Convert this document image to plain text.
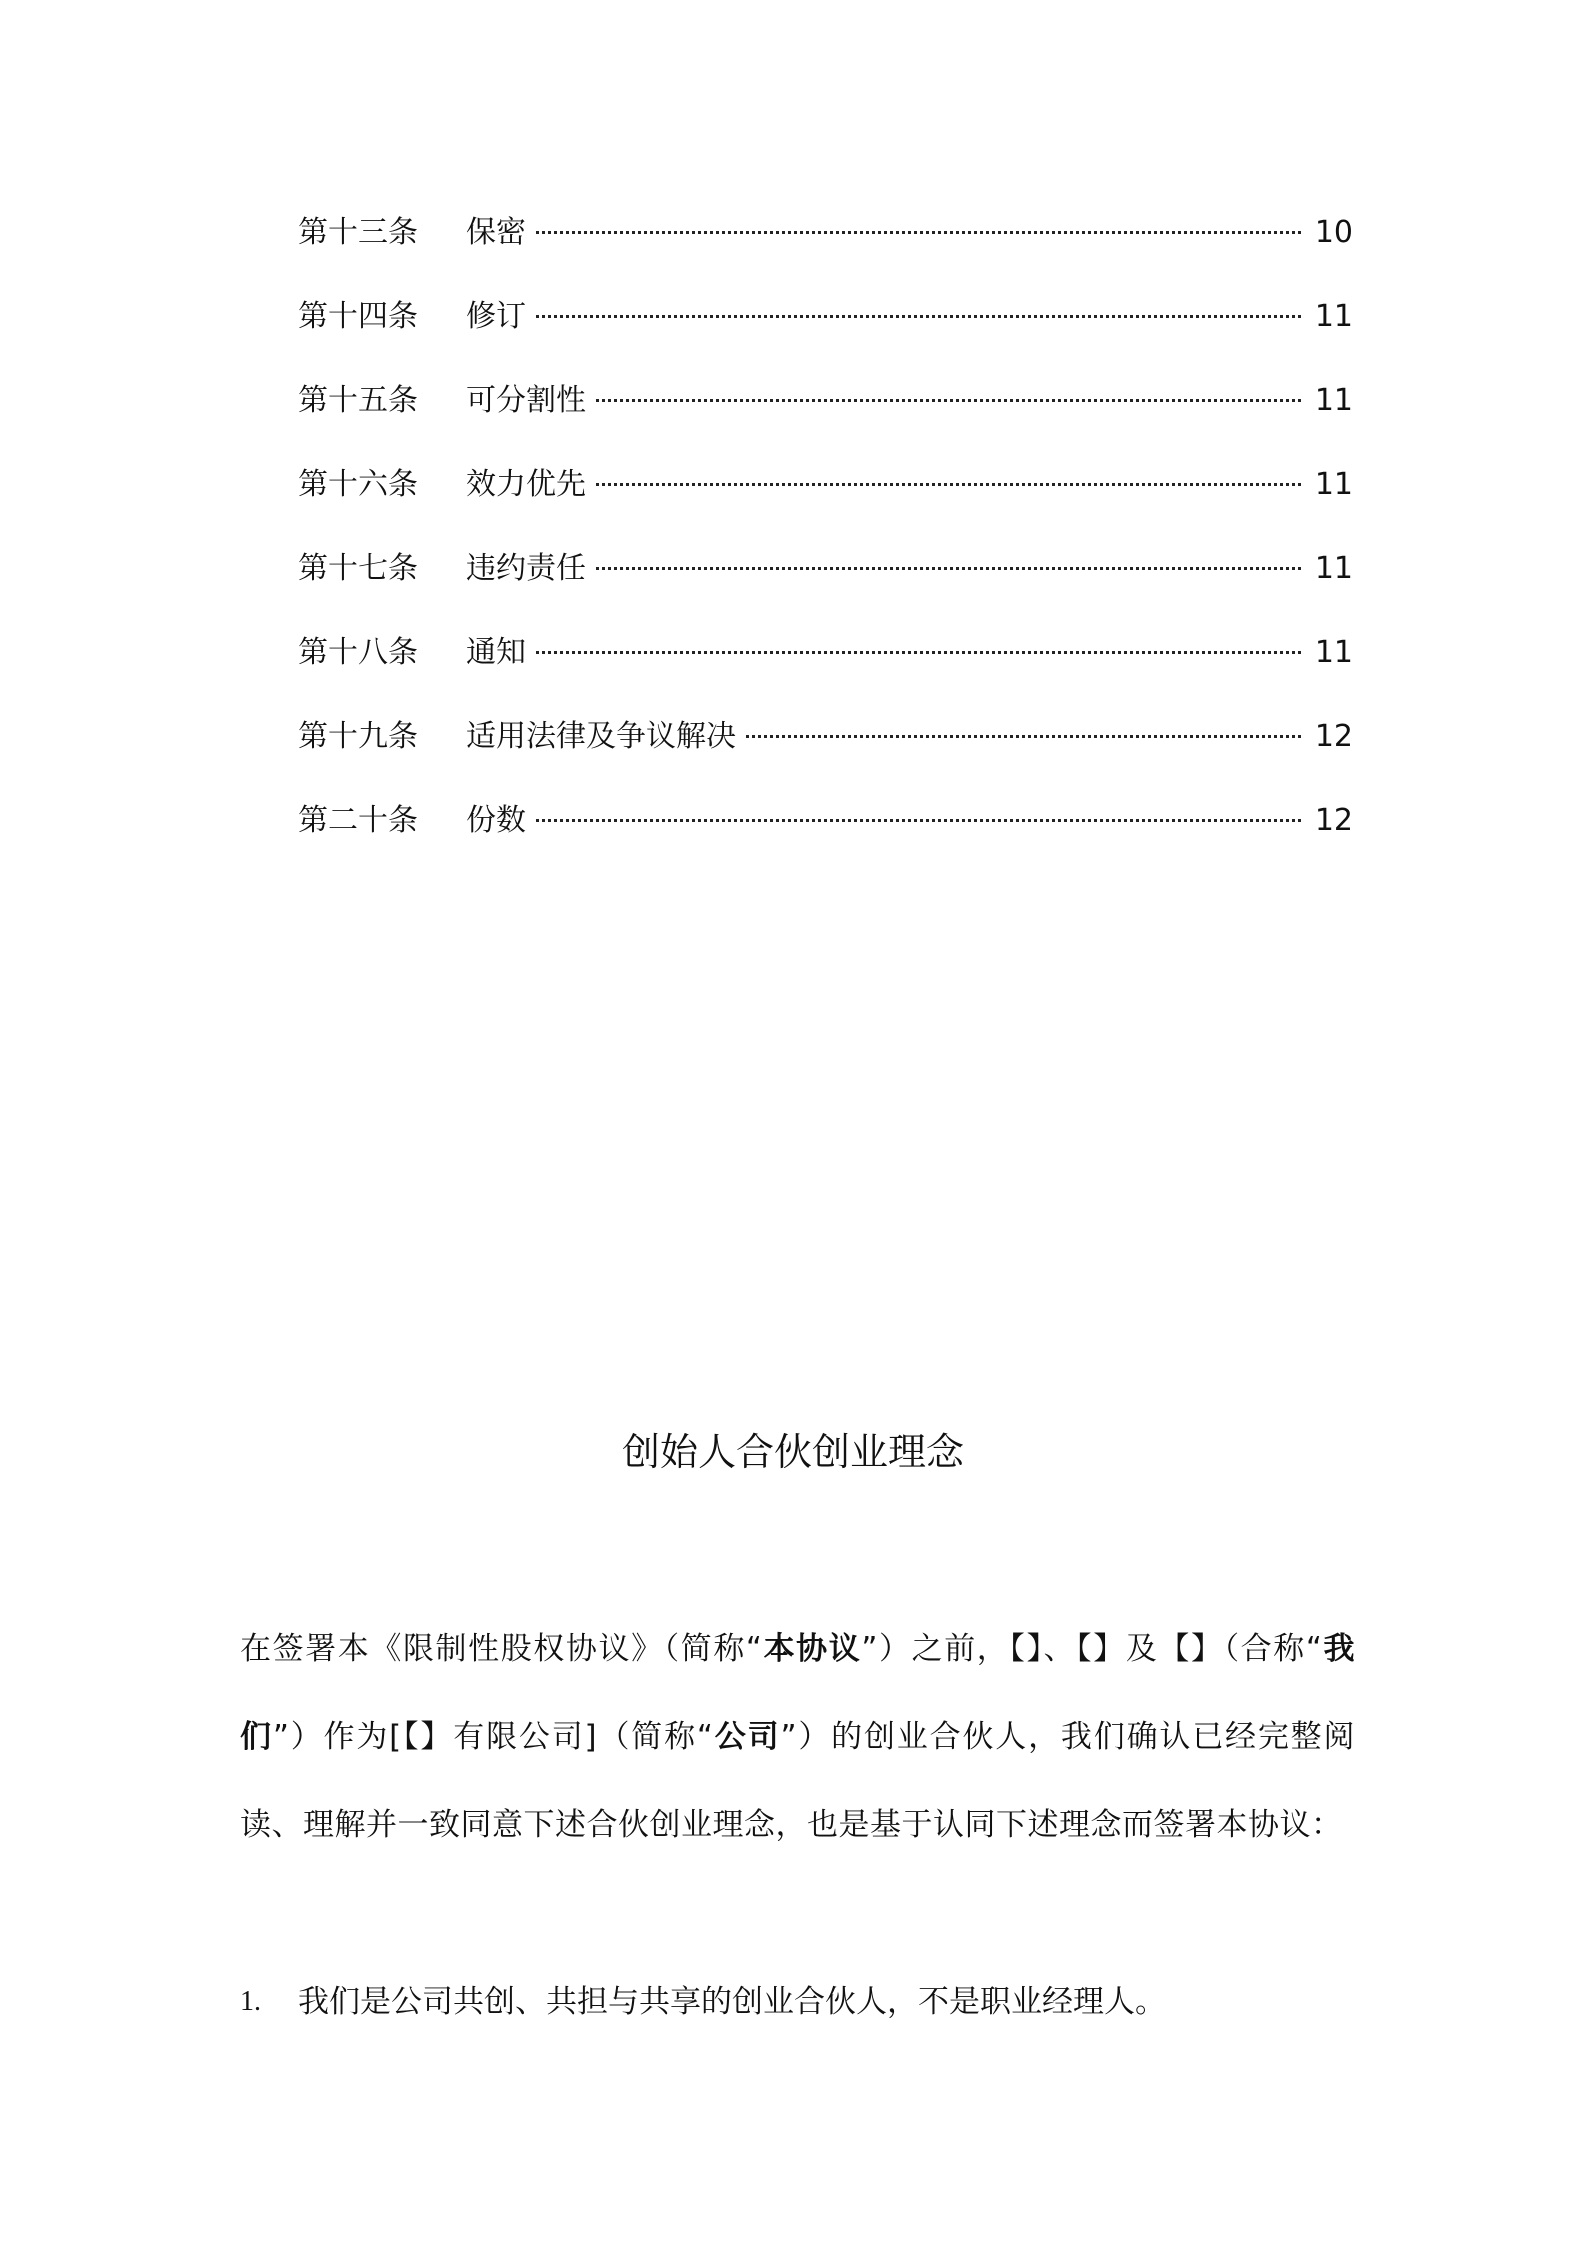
第十三条	保密	10
第十四条	修订	11
第十五条	可分割性	11
第十六条	效力优先	11
第十七条	违约责任	11
第十八条	通知	11
第十九条	适用法律及争议解决	12
第二十条	份数	12
创始人合伙创业理念

在签署本《限制性股权协议》（简称“本协议”）之前，【】、【】及【】（合称“我们”）作为[【】有限公司]（简称“公司”）的创业合伙人，我们确认已经完整阅读、理解并一致同意下述合伙创业理念，也是基于认同下述理念而签署本协议：

1.	我们是公司共创、共担与共享的创业合伙人，不是职业经理人。
